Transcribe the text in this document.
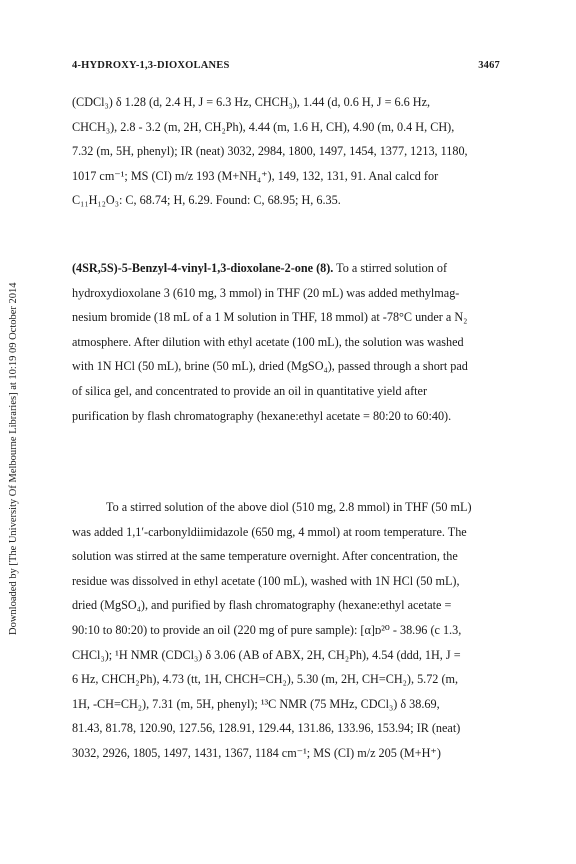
Downloaded by [The University Of Melbourne Libraries] at 10:19 09 October 2014
4-HYDROXY-1,3-DIOXOLANES	3467
(CDCl₃) δ 1.28 (d, 2.4 H, J = 6.3 Hz, CHCH₃), 1.44 (d, 0.6 H, J = 6.6 Hz,
CHCH₃), 2.8 - 3.2 (m, 2H, CH₂Ph), 4.44 (m, 1.6 H, CH), 4.90 (m, 0.4 H, CH),
7.32 (m, 5H, phenyl); IR (neat) 3032, 2984, 1800, 1497, 1454, 1377, 1213, 1180,
1017 cm⁻¹; MS (CI) m/z 193 (M+NH₄⁺), 149, 132, 131, 91. Anal calcd for
C₁₁H₁₂O₃: C, 68.74; H, 6.29. Found: C, 68.95; H, 6.35.
(4SR,5S)-5-Benzyl-4-vinyl-1,3-dioxolane-2-one (8). To a stirred solution of
hydroxydioxolane 3 (610 mg, 3 mmol) in THF (20 mL) was added methylmag-
nesium bromide (18 mL of a 1 M solution in THF, 18 mmol) at -78°C under a N₂
atmosphere. After dilution with ethyl acetate (100 mL), the solution was washed
with 1N HCl (50 mL), brine (50 mL), dried (MgSO₄), passed through a short pad
of silica gel, and concentrated to provide an oil in quantitative yield after
purification by flash chromatography (hexane:ethyl acetate = 80:20 to 60:40).
To a stirred solution of the above diol (510 mg, 2.8 mmol) in THF (50 mL)
was added 1,1′-carbonyldiimidazole (650 mg, 4 mmol) at room temperature. The
solution was stirred at the same temperature overnight. After concentration, the
residue was dissolved in ethyl acetate (100 mL), washed with 1N HCl (50 mL),
dried (MgSO₄), and purified by flash chromatography (hexane:ethyl acetate =
90:10 to 80:20) to provide an oil (220 mg of pure sample): [α]ᴅ²⁰ - 38.96 (c 1.3,
CHCl₃); ¹H NMR (CDCl₃) δ 3.06 (AB of ABX, 2H, CH₂Ph), 4.54 (ddd, 1H, J =
6 Hz, CHCH₂Ph), 4.73 (tt, 1H, CHCH=CH₂), 5.30 (m, 2H, CH=CH₂), 5.72 (m,
1H, -CH=CH₂), 7.31 (m, 5H, phenyl); ¹³C NMR (75 MHz, CDCl₃) δ 38.69,
81.43, 81.78, 120.90, 127.56, 128.91, 129.44, 131.86, 133.96, 153.94; IR (neat)
3032, 2926, 1805, 1497, 1431, 1367, 1184 cm⁻¹; MS (CI) m/z 205 (M+H⁺)
